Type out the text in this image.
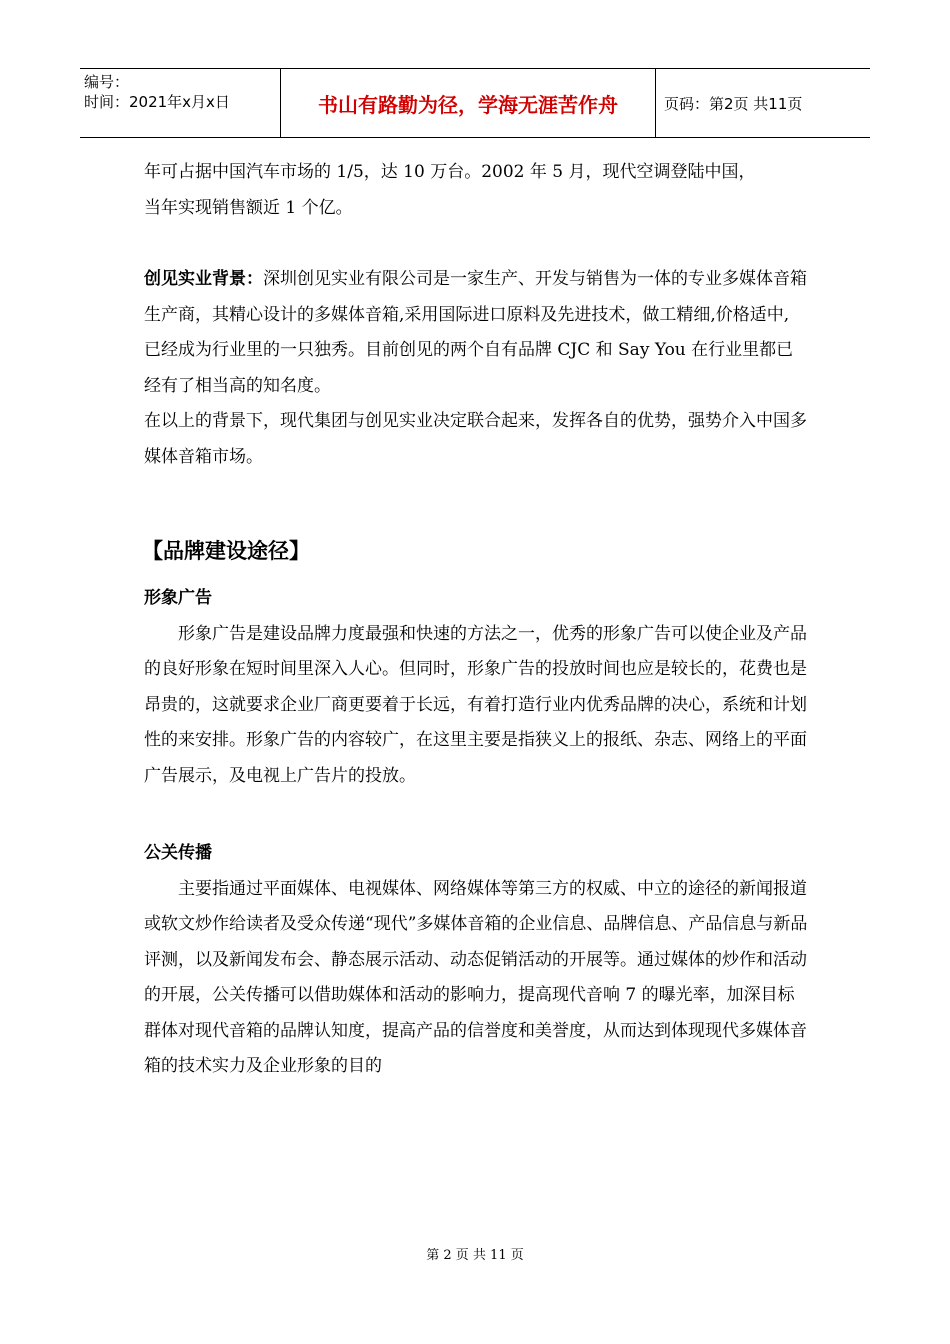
编号：
时间：2021年x月x日	书山有路勤为径，学海无涯苦作舟	页码：第2页 共11页

年可占据中国汽车市场的 1/5，达 10 万台。2002 年 5 月，现代空调登陆中国，

当年实现销售额近 1 个亿。

创见实业背景：深圳创见实业有限公司是一家生产、开发与销售为一体的专业多媒体音箱生产商，其精心设计的多媒体音箱,采用国际进口原料及先进技术，做工精细,价格适中, 已经成为行业里的一只独秀。目前创见的两个自有品牌 CJC 和 Say You 在行业里都已经有了相当高的知名度。

在以上的背景下，现代集团与创见实业决定联合起来，发挥各自的优势，强势介入中国多媒体音箱市场。

【品牌建设途径】

形象广告

形象广告是建设品牌力度最强和快速的方法之一，优秀的形象广告可以使企业及产品的良好形象在短时间里深入人心。但同时，形象广告的投放时间也应是较长的，花费也是昂贵的，这就要求企业厂商更要着于长远，有着打造行业内优秀品牌的决心，系统和计划性的来安排。形象广告的内容较广，在这里主要是指狭义上的报纸、杂志、网络上的平面广告展示，及电视上广告片的投放。

公关传播

主要指通过平面媒体、电视媒体、网络媒体等第三方的权威、中立的途径的新闻报道或软文炒作给读者及受众传递“现代”多媒体音箱的企业信息、品牌信息、产品信息与新品评测，以及新闻发布会、静态展示活动、动态促销活动的开展等。通过媒体的炒作和活动的开展，公关传播可以借助媒体和活动的影响力，提高现代音响 7 的曝光率，加深目标群体对现代音箱的品牌认知度，提高产品的信誉度和美誉度，从而达到体现现代多媒体音箱的技术实力及企业形象的目的

第 2 页 共 11 页
